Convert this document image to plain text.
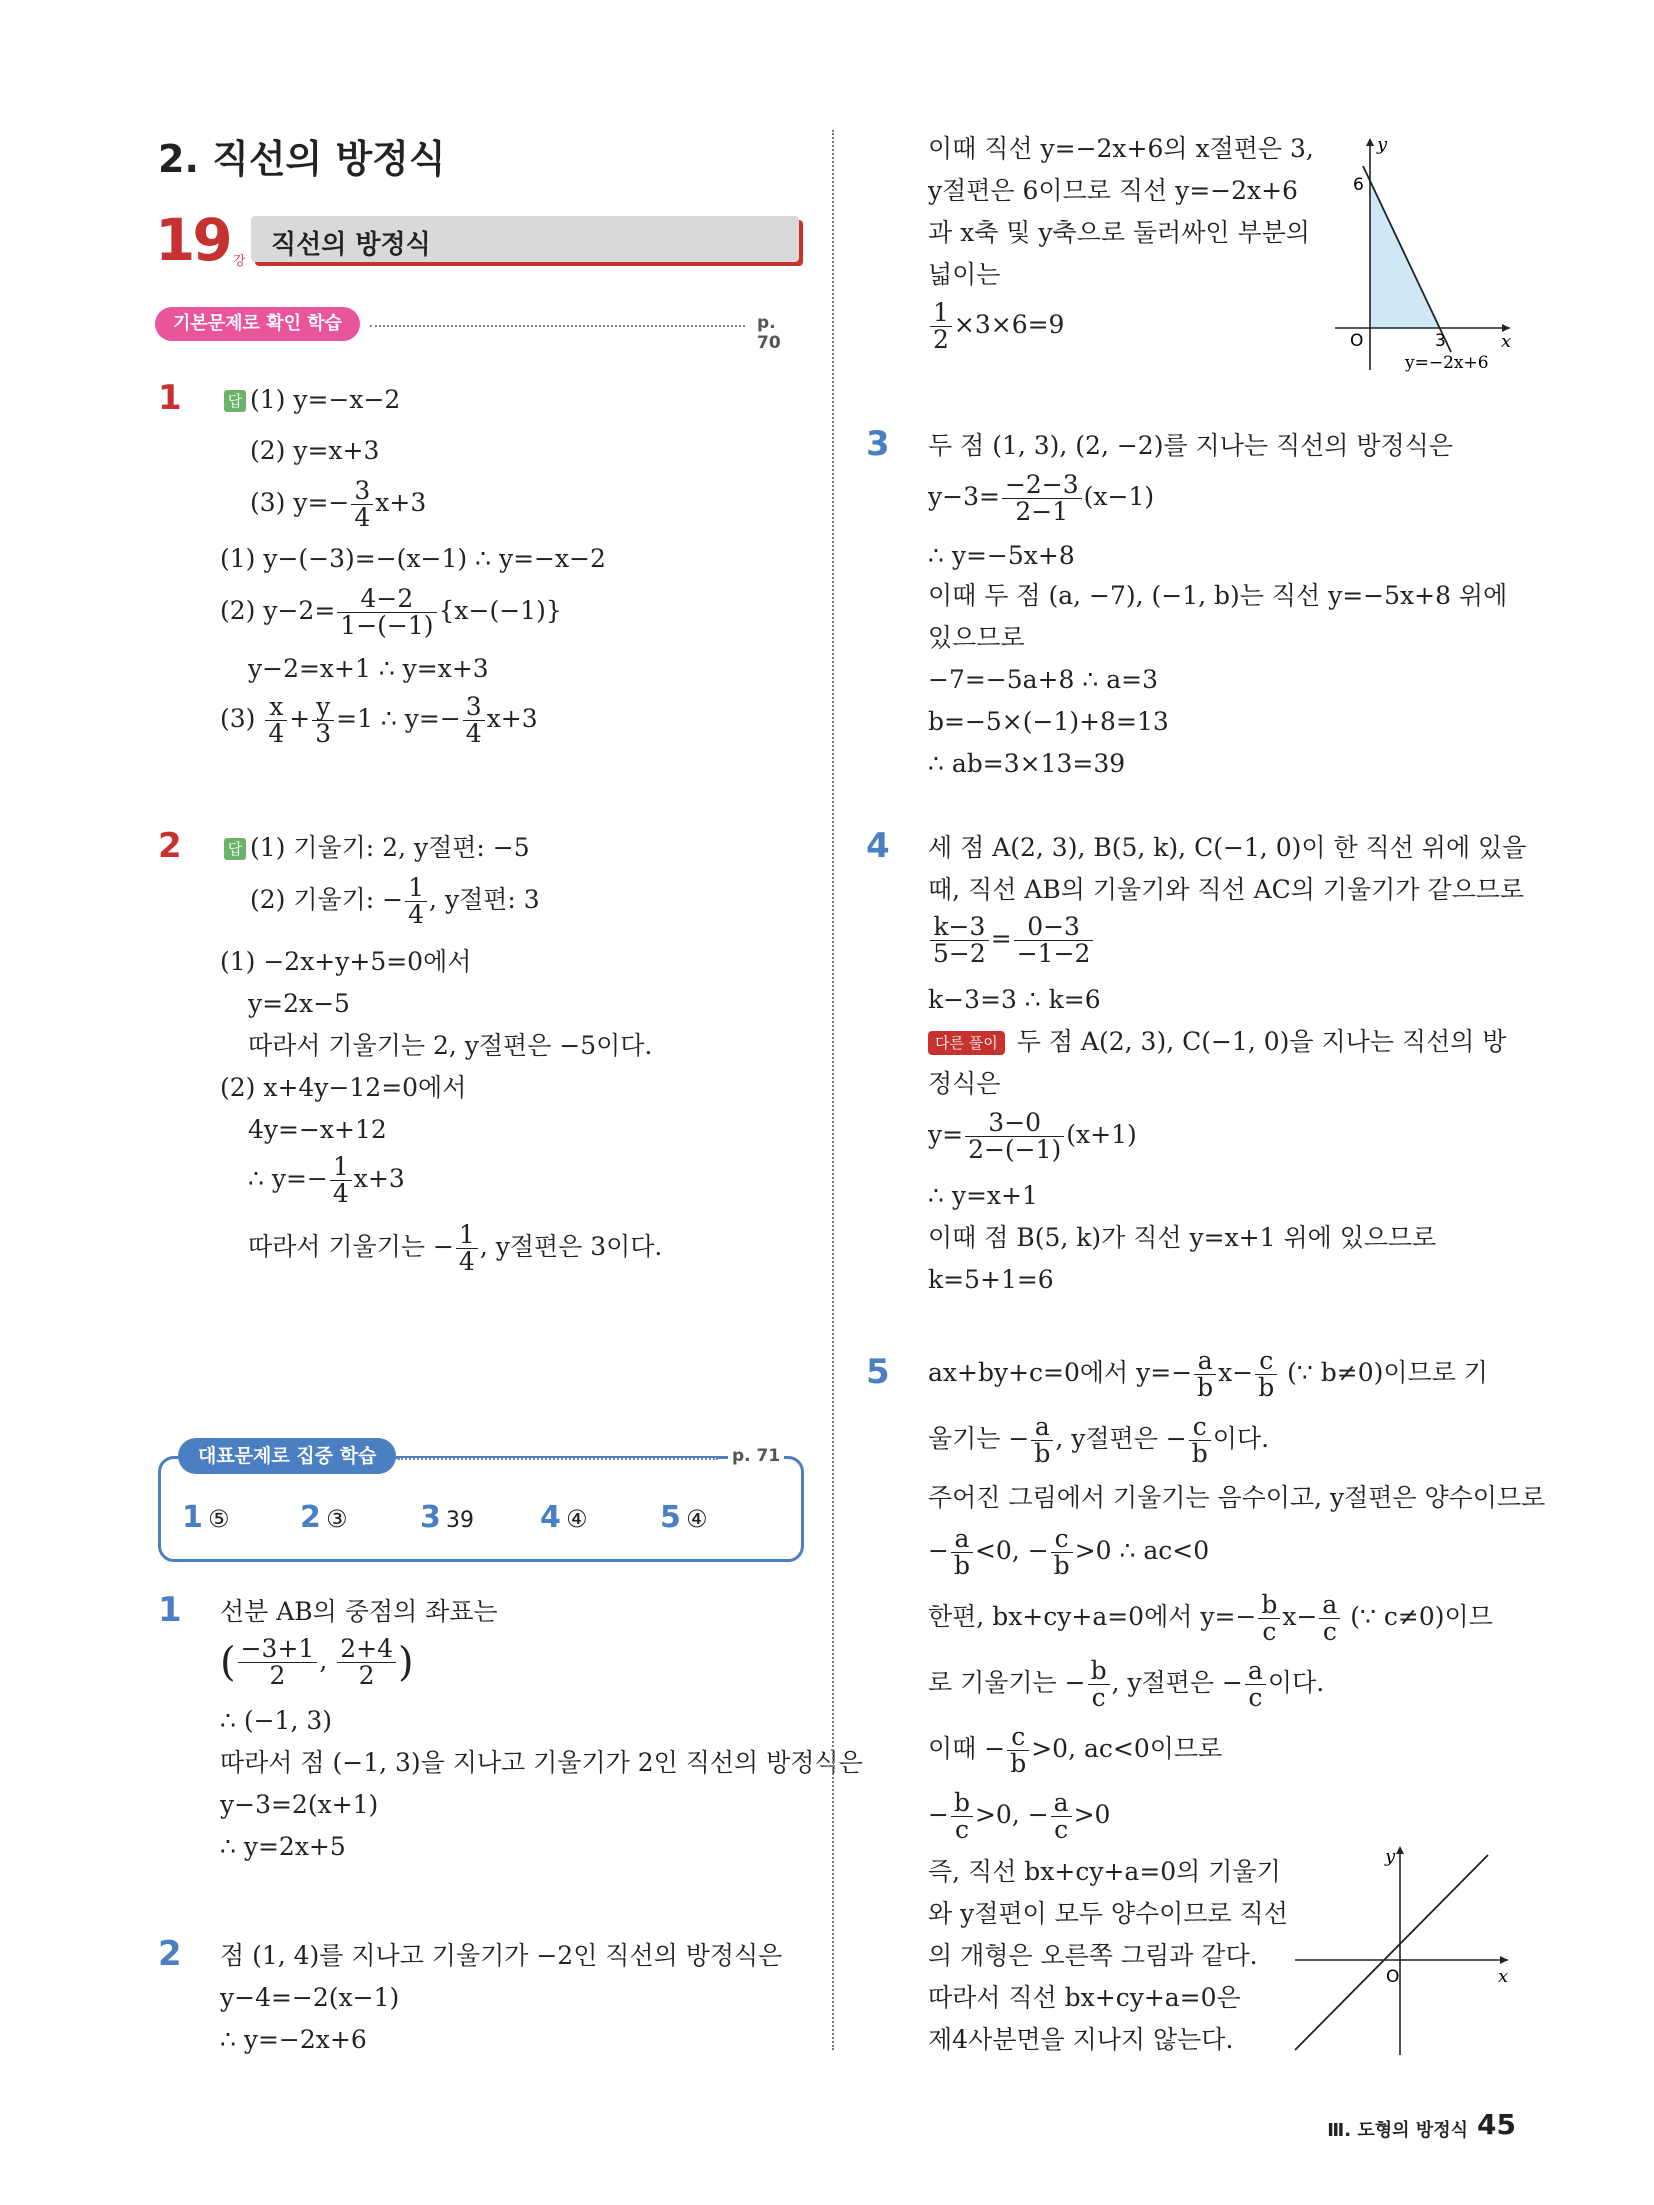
2. 직선의 방정식
19 강
직선의 방정식
기본문제로 확인 학습	p. 70
1	답 (1) y=−x−2
(2) y=x+3
(3) $y=- \frac{3}{4} x+3$
(1) y−(−3)=−(x−1) ∴ y=−x−2
(2) $y-2= \frac{4-2}{1-(-1)} \{x-(-1)\}$
y−2=x+1 ∴ y=x+3
$(3) \frac{x}{4} + \frac{y}{3} =1$ ∴ $y=- \frac{3}{4} x+3$
2	답 (1) 기울기: 2, y절편: −5
(2) 기울기: − $\frac{1}{4}$ , y절편: 3
(1) −2x+y+5=0에서
y=2x−5
따라서 기울기는 2, y절편은 −5이다.
(2) x+4y−12=0에서
4y=−x+12
∴ $y=- \frac{1}{4} x+3$
따라서 기울기는 − $\frac{1}{4}$ , y절편은 3이다.
대표문제로 집중 학습	p. 71
1 ⑤ 2 ③ 3 39 4 ④ 5 ④
1 선분 AB의 중점의 좌표는
( $\frac{-3+1}{2}$ , $\frac{2+4}{2}$ )
∴ (−1, 3)
따라서 점 (−1, 3)을 지나고 기울기가 2인 직선의 방정식은
y−3=2(x+1)
∴ y=2x+5
2 점 (1, 4)를 지나고 기울기가 −2인 직선의 방정식은
y−4=−2(x−1)
∴ y=−2x+6
이때 직선 y=−2x+6의 x절편은 3,
y절편은 6이므로 직선 y=−2x+6
과 x축 및 y축으로 둘러싸인 부분의
넓이는
$\frac{1}{2} \times 3\times 6=9$
y
x
O
6
3
y=−2x+6
3 두 점 (1, 3), (2, −2)를 지나는 직선의 방정식은
$y-3= \frac{-2-3}{2-1} (x-1)$
∴ y=−5x+8
이때 두 점 (a, −7), (−1, b)는 직선 y=−5x+8 위에
있으므로
−7=−5a+8 ∴ a=3
b=−5×(−1)+8=13
∴ ab=3×13=39
4 세 점 A(2, 3), B(5, k), C(−1, 0)이 한 직선 위에 있을
때, 직선 AB의 기울기와 직선 AC의 기울기가 같으므로
$\frac{k-3}{5-2} = \frac{0-3}{-1-2}$
k−3=3 ∴ k=6
다른 풀이 두 점 A(2, 3), C(−1, 0)을 지나는 직선의 방
정식은
$y= \frac{3-0}{2-(-1)} (x+1)$
∴ y=x+1
이때 점 B(5, k)가 직선 y=x+1 위에 있으므로
k=5+1=6
5 ax+by+c=0에서 $y=- \frac{a}{b} x- \frac{c}{b}$ (∵ b≠0)이므로 기
울기는 − $\frac{a}{b}$ , y절편은 − $\frac{c}{b}$ 이다.
주어진 그림에서 기울기는 음수이고, y절편은 양수이므로
− $\frac{a}{b} <0$, − $\frac{c}{b} >0$ ∴ ac<0
한편, bx+cy+a=0에서 $y=- \frac{b}{c} x- \frac{a}{c}$ (∵ c≠0)이므
로 기울기는 − $\frac{b}{c}$ , y절편은 − $\frac{a}{c}$ 이다.
이때 − $\frac{c}{b} >0$, ac<0이므로
− $\frac{b}{c} >0$, − $\frac{a}{c} >0$
즉, 직선 bx+cy+a=0의 기울기
와 y절편이 모두 양수이므로 직선
의 개형은 오른쪽 그림과 같다.
따라서 직선 bx+cy+a=0은
제4사분면을 지나지 않는다.
y
x
O
Ⅲ. 도형의 방정식 45
